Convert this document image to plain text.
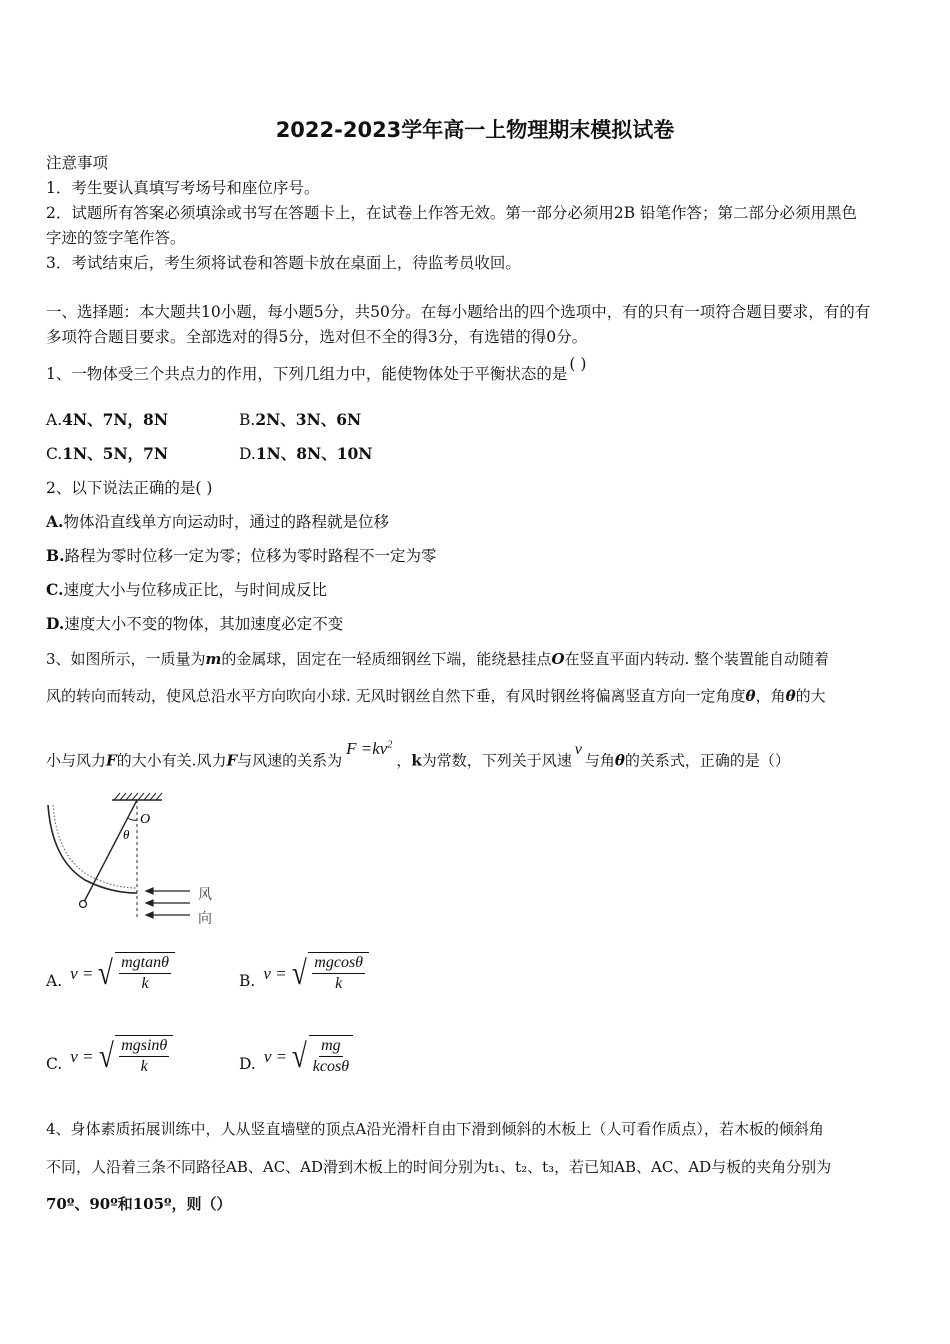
2022-2023学年高一上物理期末模拟试卷
注意事项
1．考生要认真填写考场号和座位序号。
2．试题所有答案必须填涂或书写在答题卡上，在试卷上作答无效。第一部分必须用2B 铅笔作答；第二部分必须用黑色
字迹的签字笔作答。
3．考试结束后，考生须将试卷和答题卡放在桌面上，待监考员收回。
一、选择题：本大题共10小题，每小题5分，共50分。在每小题给出的四个选项中，有的只有一项符合题目要求，有的有
多项符合题目要求。全部选对的得5分，选对但不全的得3分，有选错的得0分。
1、一物体受三个共点力的作用，下列几组力中，能使物体处于平衡状态的是( )
A.4N、7N，8N	B.2N、3N、6N
C.1N、5N，7N	D.1N、8N、10N
2、以下说法正确的是( )
A.物体沿直线单方向运动时，通过的路程就是位移
B.路程为零时位移一定为零；位移为零时路程不一定为零
C.速度大小与位移成正比，与时间成反比
D.速度大小不变的物体，其加速度必定不变
3、如图所示，一质量为m的金属球，固定在一轻质细钢丝下端，能绕悬挂点O在竖直平面内转动. 整个装置能自动随着
风的转向而转动，使风总沿水平方向吹向小球. 无风时钢丝自然下垂，有风时钢丝将偏离竖直方向一定角度θ，角θ的大
小与风力F的大小有关.风力F与风速的关系为$F =kv^2$，k为常数，下列关于风速v与角θ的关系式，正确的是（）
O
θ
风
向
A. v = √ $\frac{mgtan\theta}{k}$	B. v = √ $\frac{mgcos\theta}{k}$
C. v = √ $\frac{mgsin\theta}{k}$	D. v = √ $\frac{mg}{kcos\theta}$
4、身体素质拓展训练中，人从竖直墙壁的顶点A沿光滑杆自由下滑到倾斜的木板上（人可看作质点），若木板的倾斜角
不同，人沿着三条不同路径AB、AC、AD滑到木板上的时间分别为t₁、t₂、t₃，若已知AB、AC、AD与板的夹角分别为
70º、90º和105º，则（）
